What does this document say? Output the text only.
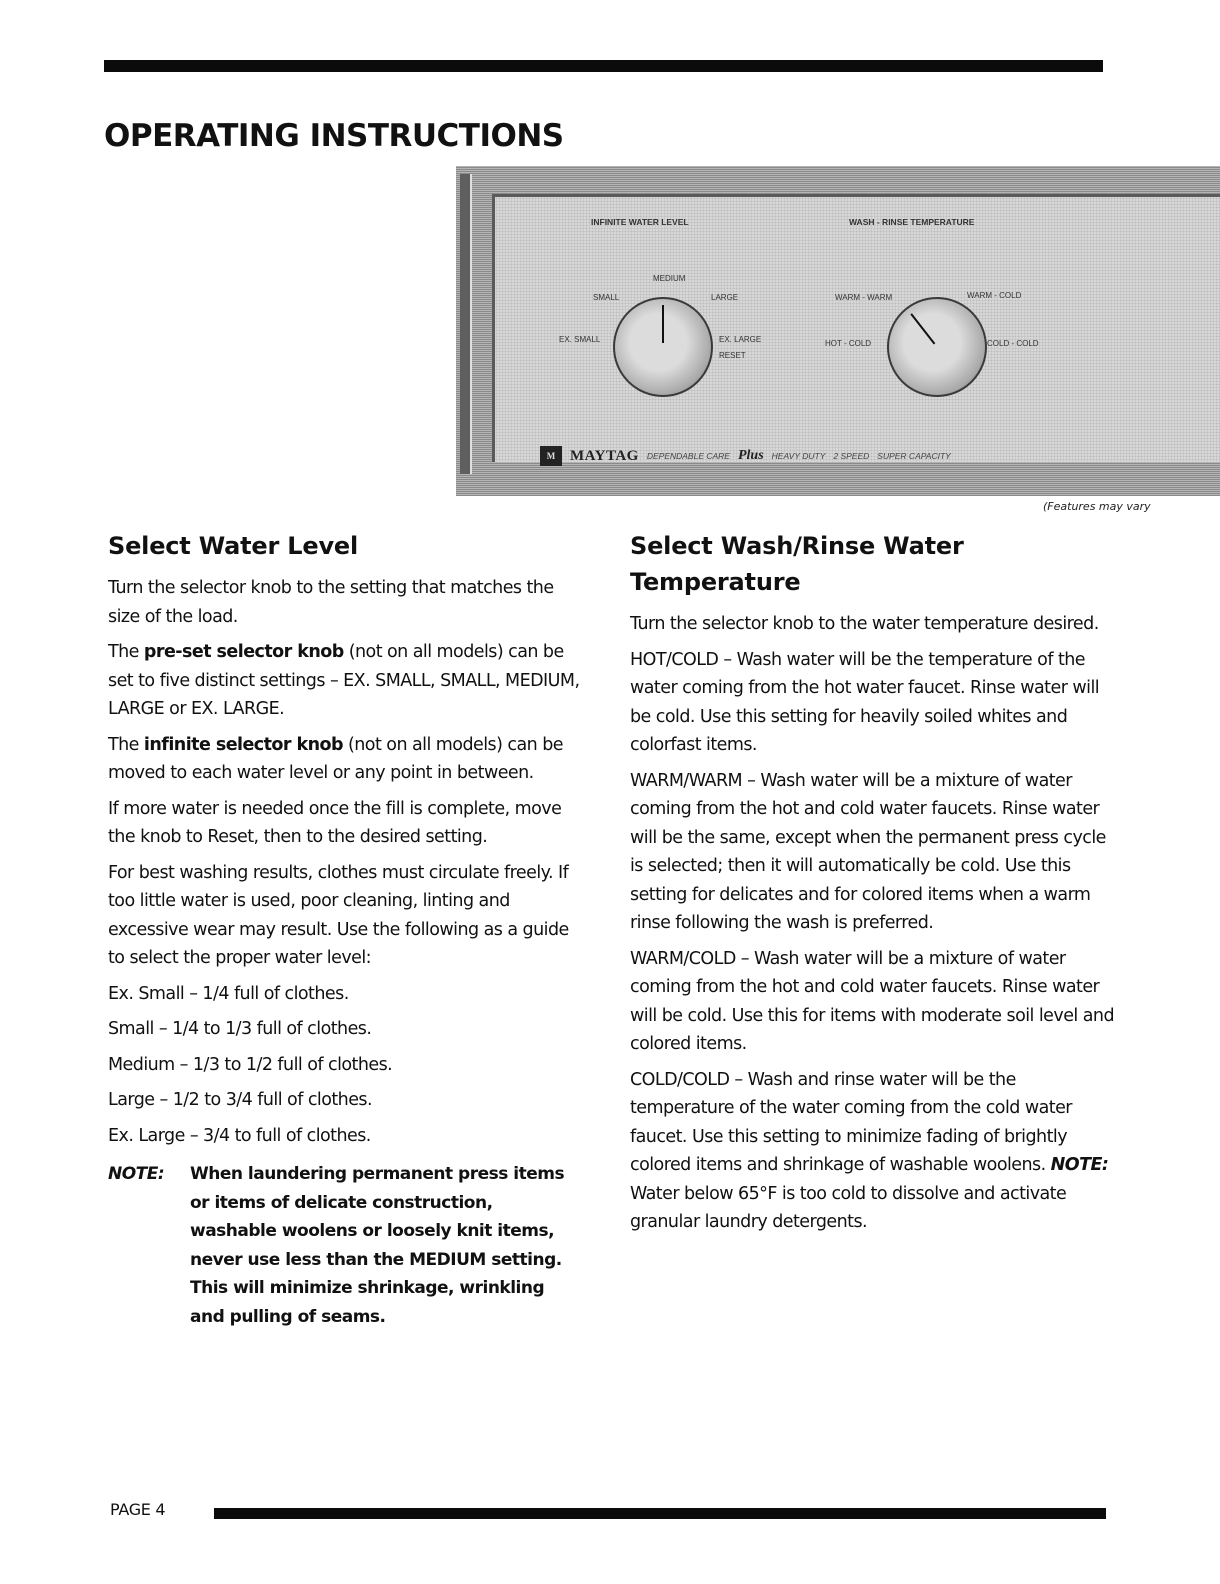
OPERATING INSTRUCTIONS
INFINITE WATER LEVEL	WASH - RINSE TEMPERATURE
MEDIUM
SMALL	LARGE
EX. SMALL	EX. LARGE
RESET
WARM - WARM	WARM - COLD
HOT - COLD	COLD - COLD
M MAYTAG DEPENDABLE CARE Plus HEAVY DUTY 2 SPEED SUPER CAPACITY
(Features may vary
Select Water Level

Turn the selector knob to the setting that matches the size of the load.

The pre-set selector knob (not on all models) can be set to five distinct settings – EX. SMALL, SMALL, MEDIUM, LARGE or EX. LARGE.

The infinite selector knob (not on all models) can be moved to each water level or any point in between.

If more water is needed once the fill is complete, move the knob to Reset, then to the desired setting.

For best washing results, clothes must circulate freely. If too little water is used, poor cleaning, linting and excessive wear may result. Use the following as a guide to select the proper water level:

Ex. Small – 1/4 full of clothes.

Small – 1/4 to 1/3 full of clothes.

Medium – 1/3 to 1/2 full of clothes.

Large – 1/2 to 3/4 full of clothes.

Ex. Large – 3/4 to full of clothes.

NOTE:	When laundering permanent press items or items of delicate construction, washable woolens or loosely knit items, never use less than the MEDIUM setting. This will minimize shrinkage, wrinkling and pulling of seams.
Select Wash/Rinse Water Temperature

Turn the selector knob to the water temperature desired.

HOT/COLD – Wash water will be the temperature of the water coming from the hot water faucet. Rinse water will be cold. Use this setting for heavily soiled whites and colorfast items.

WARM/WARM – Wash water will be a mixture of water coming from the hot and cold water faucets. Rinse water will be the same, except when the permanent press cycle is selected; then it will automatically be cold. Use this setting for delicates and for colored items when a warm rinse following the wash is preferred.

WARM/COLD – Wash water will be a mixture of water coming from the hot and cold water faucets. Rinse water will be cold. Use this for items with moderate soil level and colored items.

COLD/COLD – Wash and rinse water will be the temperature of the water coming from the cold water faucet. Use this setting to minimize fading of brightly colored items and shrinkage of washable woolens. NOTE: Water below 65°F is too cold to dissolve and activate granular laundry detergents.

PAGE 4
